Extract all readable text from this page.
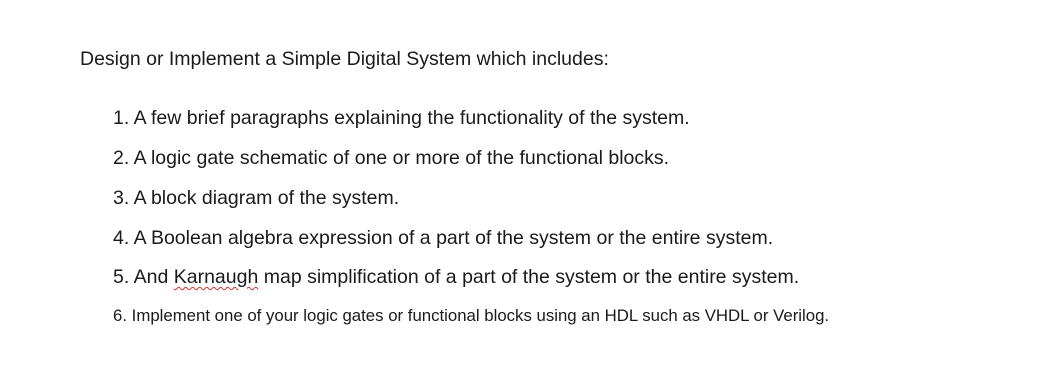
Design or Implement a Simple Digital System which includes:
1. A few brief paragraphs explaining the functionality of the system.
2. A logic gate schematic of one or more of the functional blocks.
3. A block diagram of the system.
4. A Boolean algebra expression of a part of the system or the entire system.
5. And Karnaugh map simplification of a part of the system or the entire system.
6. Implement one of your logic gates or functional blocks using an HDL such as VHDL or Verilog.
